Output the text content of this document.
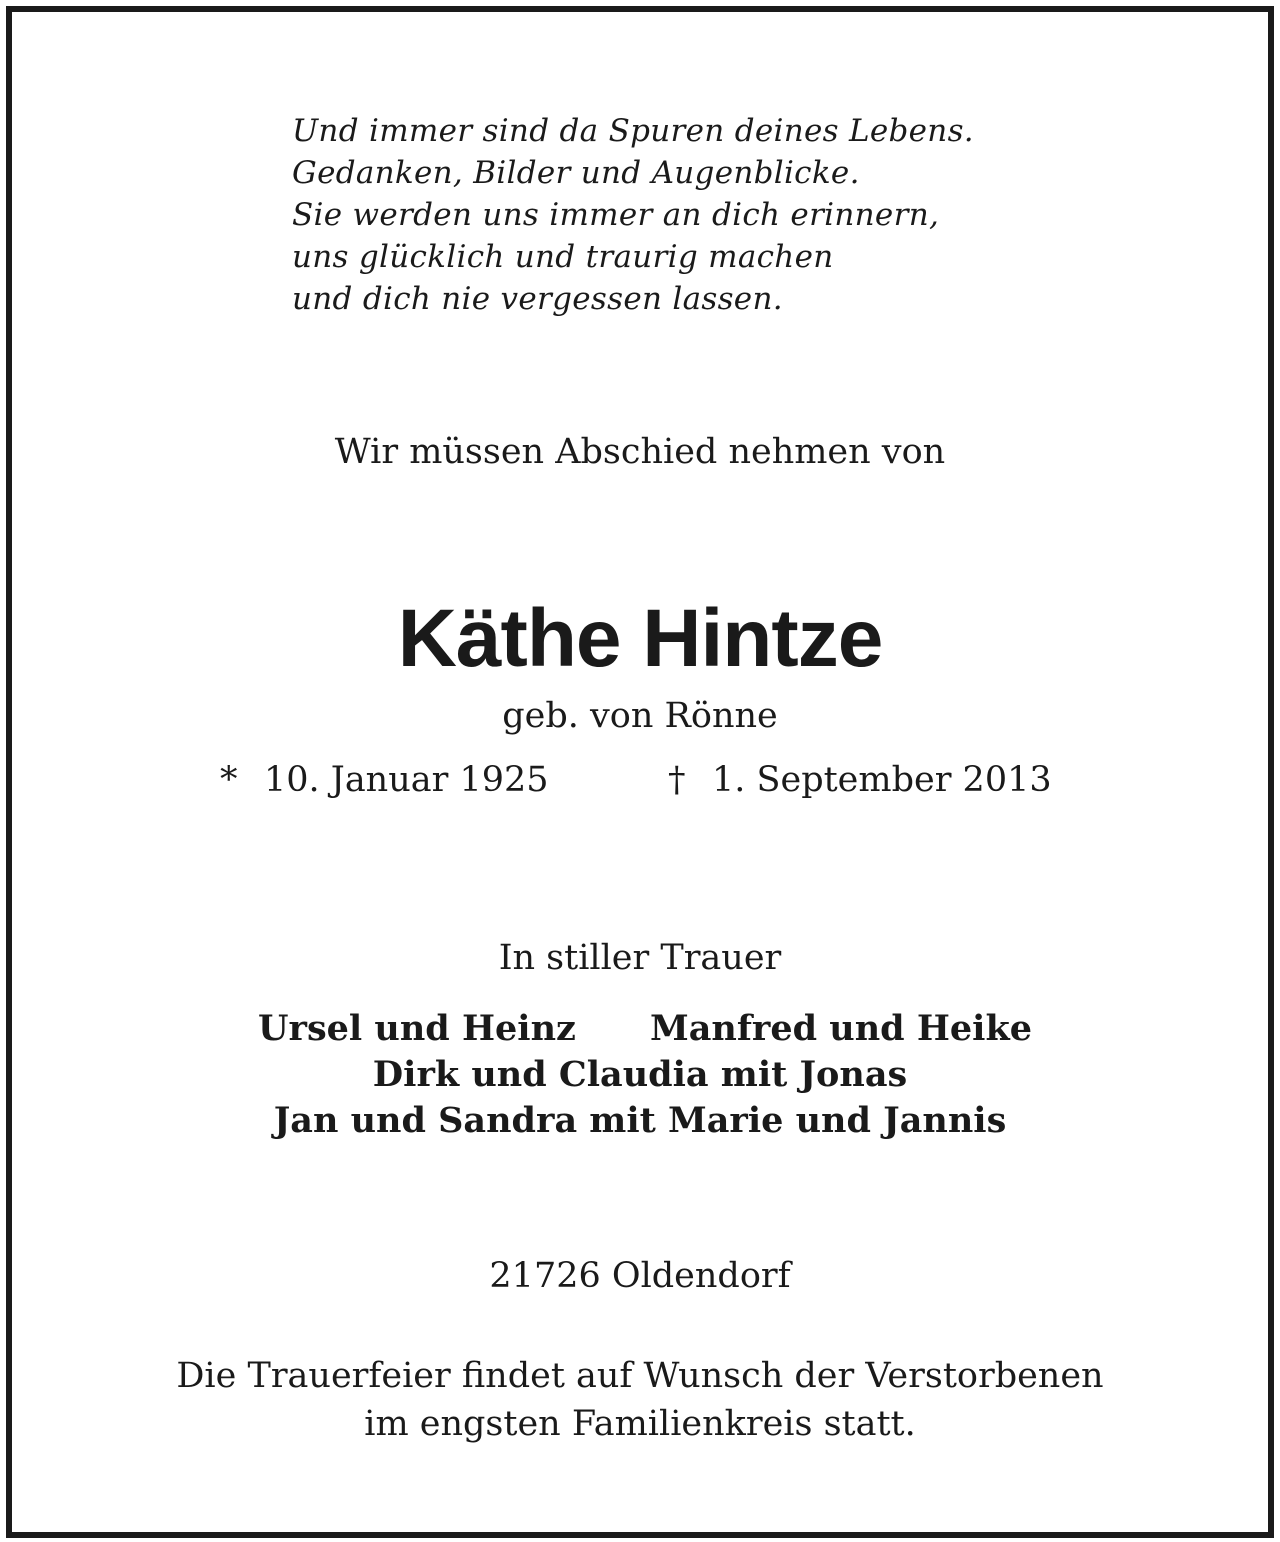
Und immer sind da Spuren deines Lebens.
Gedanken, Bilder und Augenblicke.
Sie werden uns immer an dich erinnern,
uns glücklich und traurig machen
und dich nie vergessen lassen.
Wir müssen Abschied nehmen von
Käthe Hintze
geb. von Rönne
* 10. Januar 1925	† 1. September 2013
In stiller Trauer
Ursel und Heinz Manfred und Heike
Dirk und Claudia mit Jonas
Jan und Sandra mit Marie und Jannis
21726 Oldendorf
Die Trauerfeier findet auf Wunsch der Verstorbenen
im engsten Familienkreis statt.
